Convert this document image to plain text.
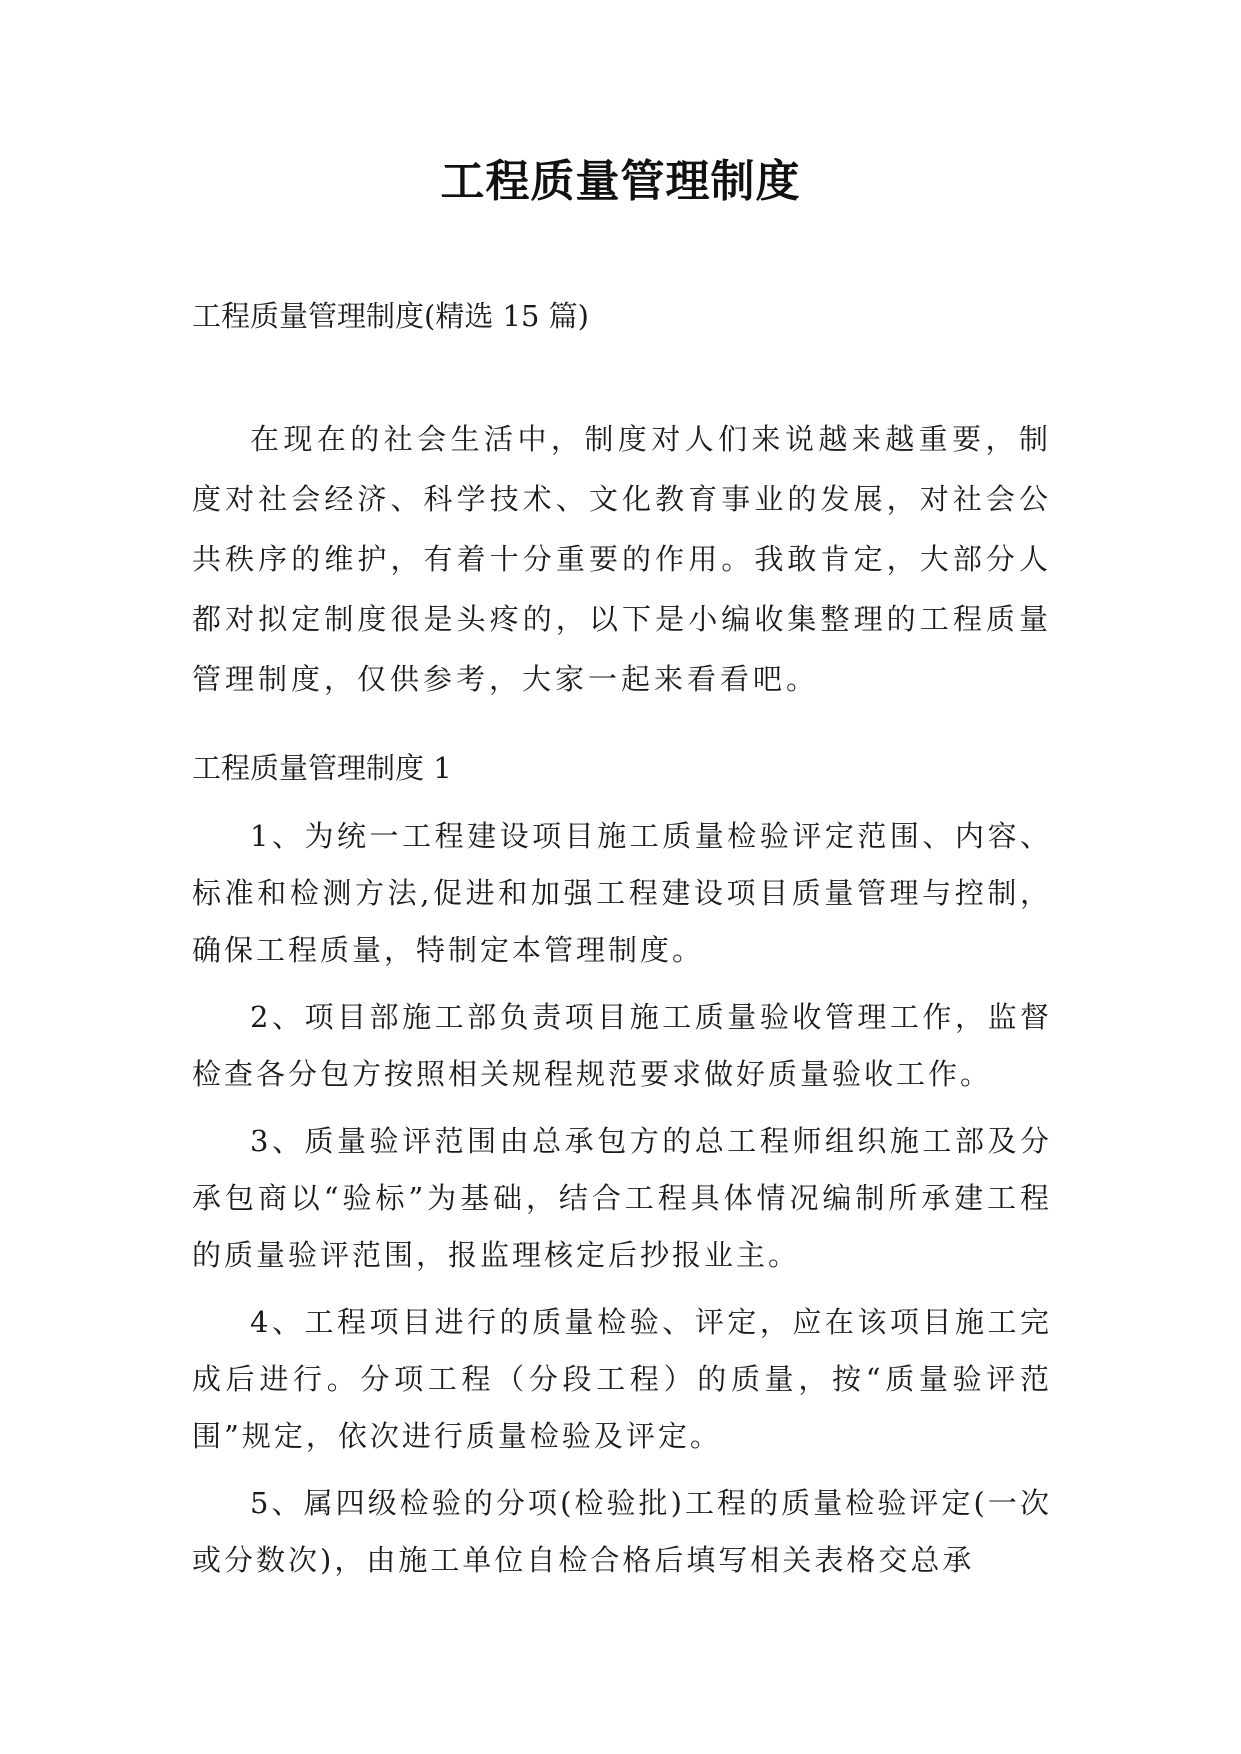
工程质量管理制度
工程质量管理制度(精选 15 篇)
在现在的社会生活中，制度对人们来说越来越重要，制度对社会经济、科学技术、文化教育事业的发展，对社会公共秩序的维护，有着十分重要的作用。我敢肯定，大部分人都对拟定制度很是头疼的，以下是小编收集整理的工程质量管理制度，仅供参考，大家一起来看看吧。
工程质量管理制度 1

1、为统一工程建设项目施工质量检验评定范围、内容、标准和检测方法,促进和加强工程建设项目质量管理与控制，确保工程质量，特制定本管理制度。

2、项目部施工部负责项目施工质量验收管理工作，监督检查各分包方按照相关规程规范要求做好质量验收工作。

3、质量验评范围由总承包方的总工程师组织施工部及分承包商以“验标”为基础，结合工程具体情况编制所承建工程的质量验评范围，报监理核定后抄报业主。

4、工程项目进行的质量检验、评定，应在该项目施工完成后进行。分项工程（分段工程）的质量，按“质量验评范围”规定，依次进行质量检验及评定。

5、属四级检验的分项(检验批)工程的质量检验评定(一次或分数次)，由施工单位自检合格后填写相关表格交总承
